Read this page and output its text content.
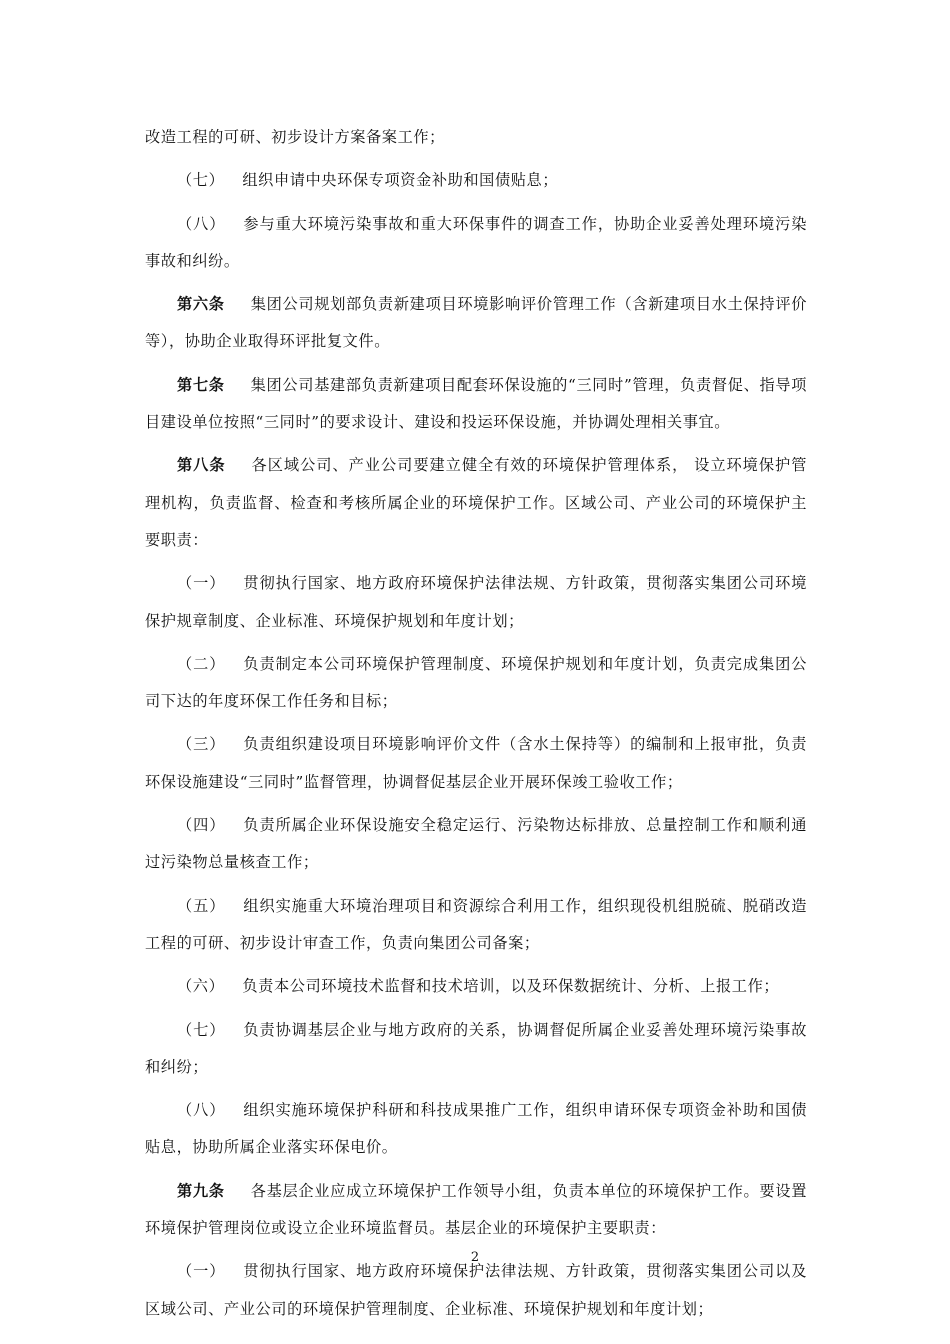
改造工程的可研、初步设计方案备案工作；

（七） 组织申请中央环保专项资金补助和国债贴息；

（八） 参与重大环境污染事故和重大环保事件的调查工作，协助企业妥善处理环境污染事故和纠纷。

第六条 集团公司规划部负责新建项目环境影响评价管理工作（含新建项目水土保持评价等），协助企业取得环评批复文件。

第七条 集团公司基建部负责新建项目配套环保设施的“三同时”管理，负责督促、指导项目建设单位按照“三同时”的要求设计、建设和投运环保设施，并协调处理相关事宜。

第八条 各区域公司、产业公司要建立健全有效的环境保护管理体系， 设立环境保护管理机构，负责监督、检查和考核所属企业的环境保护工作。区域公司、产业公司的环境保护主要职责：

（一） 贯彻执行国家、地方政府环境保护法律法规、方针政策，贯彻落实集团公司环境保护规章制度、企业标准、环境保护规划和年度计划；

（二） 负责制定本公司环境保护管理制度、环境保护规划和年度计划，负责完成集团公司下达的年度环保工作任务和目标；

（三） 负责组织建设项目环境影响评价文件（含水土保持等）的编制和上报审批，负责环保设施建设“三同时”监督管理，协调督促基层企业开展环保竣工验收工作；

（四） 负责所属企业环保设施安全稳定运行、污染物达标排放、总量控制工作和顺利通过污染物总量核查工作；

（五） 组织实施重大环境治理项目和资源综合利用工作，组织现役机组脱硫、脱硝改造工程的可研、初步设计审查工作，负责向集团公司备案；

（六） 负责本公司环境技术监督和技术培训，以及环保数据统计、分析、上报工作；

（七） 负责协调基层企业与地方政府的关系，协调督促所属企业妥善处理环境污染事故和纠纷；

（八） 组织实施环境保护科研和科技成果推广工作，组织申请环保专项资金补助和国债贴息，协助所属企业落实环保电价。

第九条 各基层企业应成立环境保护工作领导小组，负责本单位的环境保护工作。要设置环境保护管理岗位或设立企业环境监督员。基层企业的环境保护主要职责：

（一） 贯彻执行国家、地方政府环境保护法律法规、方针政策，贯彻落实集团公司以及区域公司、产业公司的环境保护管理制度、企业标准、环境保护规划和年度计划；

2
